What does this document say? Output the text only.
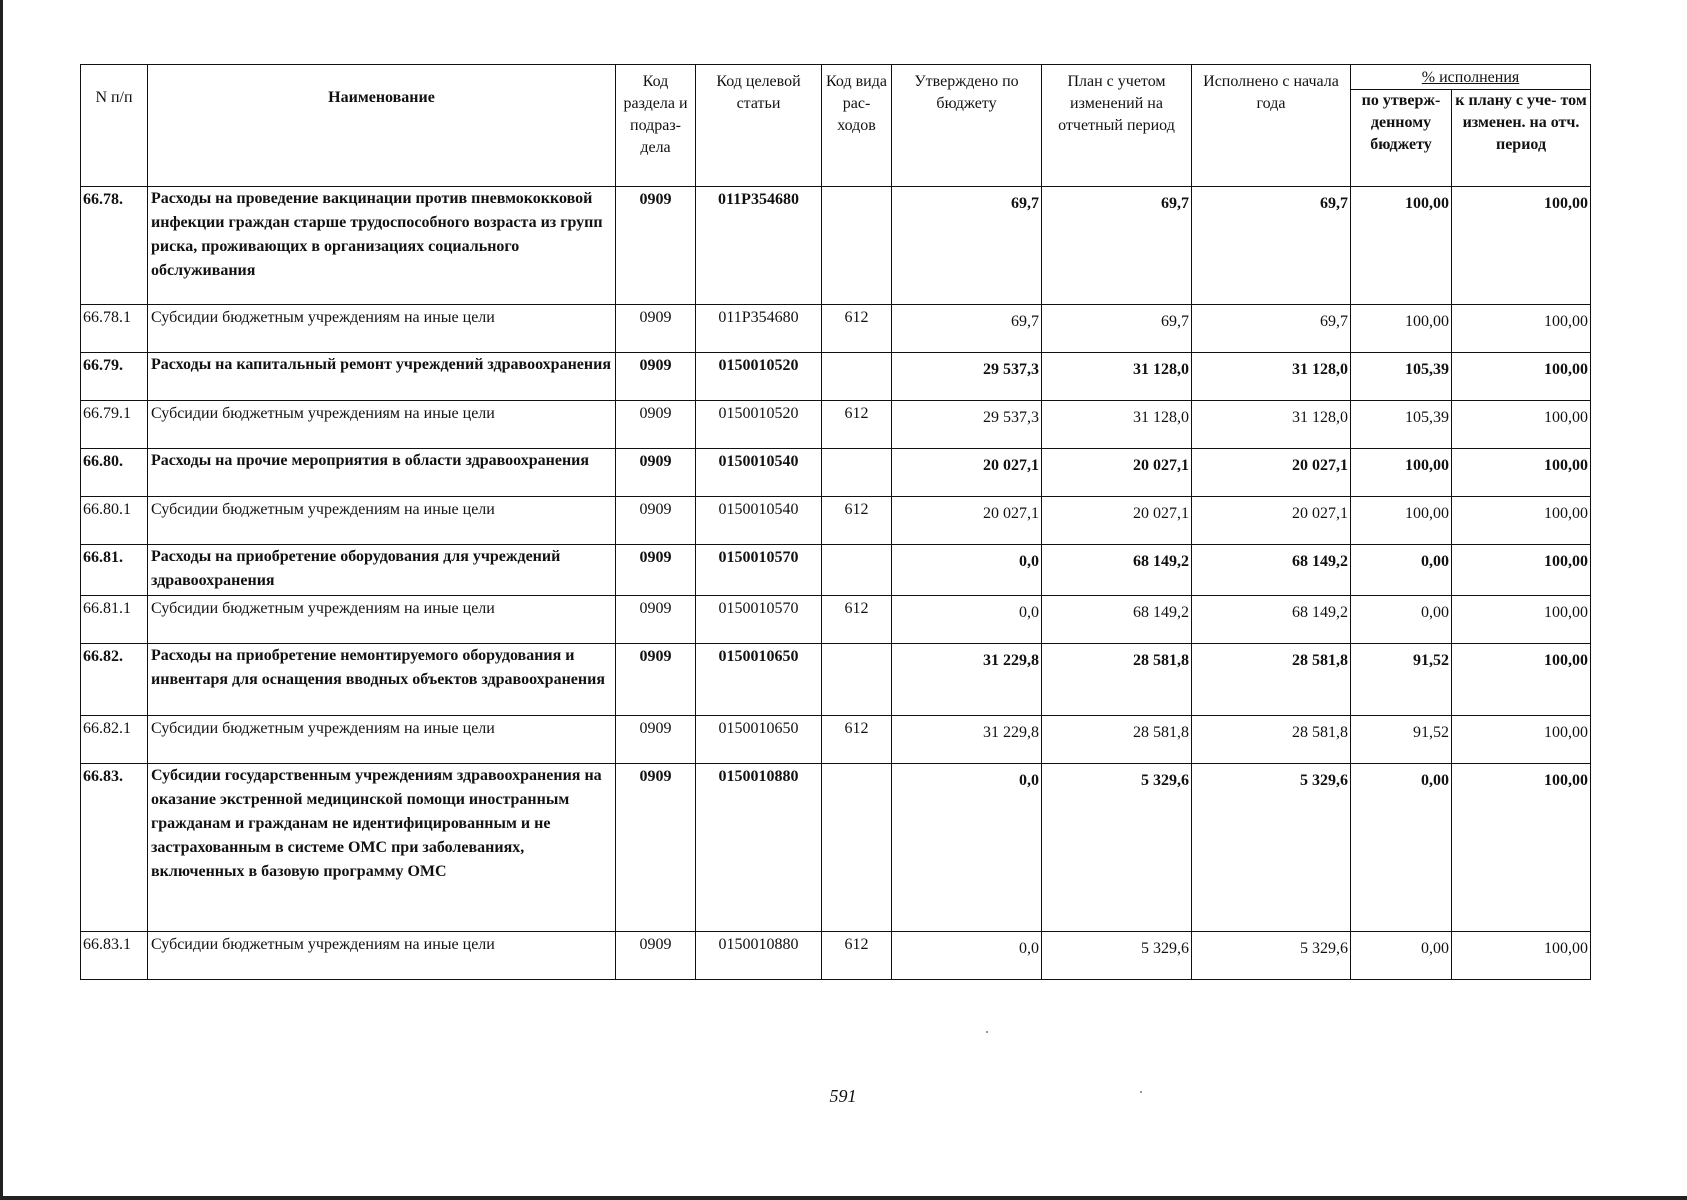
N п/п	Наименование	Код раздела и подраз- дела	Код целевой статьи	Код вида рас- ходов	Утверждено по бюджету	План с учетом изменений на отчетный период	Исполнено с начала года	% исполнения	
								по утверж- денному бюджету	к плану с уче- том изменен. на отч. период
66.78.	Расходы на проведение вакцинации против пневмококковой инфекции граждан старше трудоспособного возраста из групп риска, проживающих в организациях социального обслуживания	0909	011P354680		69,7	69,7	69,7	100,00	100,00
66.78.1	Субсидии бюджетным учреждениям на иные цели	0909	011P354680	612	69,7	69,7	69,7	100,00	100,00
66.79.	Расходы на капитальный ремонт учреждений здравоохранения	0909	0150010520		29 537,3	31 128,0	31 128,0	105,39	100,00
66.79.1	Субсидии бюджетным учреждениям на иные цели	0909	0150010520	612	29 537,3	31 128,0	31 128,0	105,39	100,00
66.80.	Расходы на прочие мероприятия в области здравоохранения	0909	0150010540		20 027,1	20 027,1	20 027,1	100,00	100,00
66.80.1	Субсидии бюджетным учреждениям на иные цели	0909	0150010540	612	20 027,1	20 027,1	20 027,1	100,00	100,00
66.81.	Расходы на приобретение оборудования для учреждений здравоохранения	0909	0150010570		0,0	68 149,2	68 149,2	0,00	100,00
66.81.1	Субсидии бюджетным учреждениям на иные цели	0909	0150010570	612	0,0	68 149,2	68 149,2	0,00	100,00
66.82.	Расходы на приобретение немонтируемого оборудования и инвентаря для оснащения вводных объектов здравоохранения	0909	0150010650		31 229,8	28 581,8	28 581,8	91,52	100,00
66.82.1	Субсидии бюджетным учреждениям на иные цели	0909	0150010650	612	31 229,8	28 581,8	28 581,8	91,52	100,00
66.83.	Субсидии государственным учреждениям здравоохранения на оказание экстренной медицинской помощи иностранным гражданам и гражданам не идентифицированным и не застрахованным в системе ОМС при заболеваниях, включенных в базовую программу ОМС	0909	0150010880		0,0	5 329,6	5 329,6	0,00	100,00
66.83.1	Субсидии бюджетным учреждениям на иные цели	0909	0150010880	612	0,0	5 329,6	5 329,6	0,00	100,00
591
